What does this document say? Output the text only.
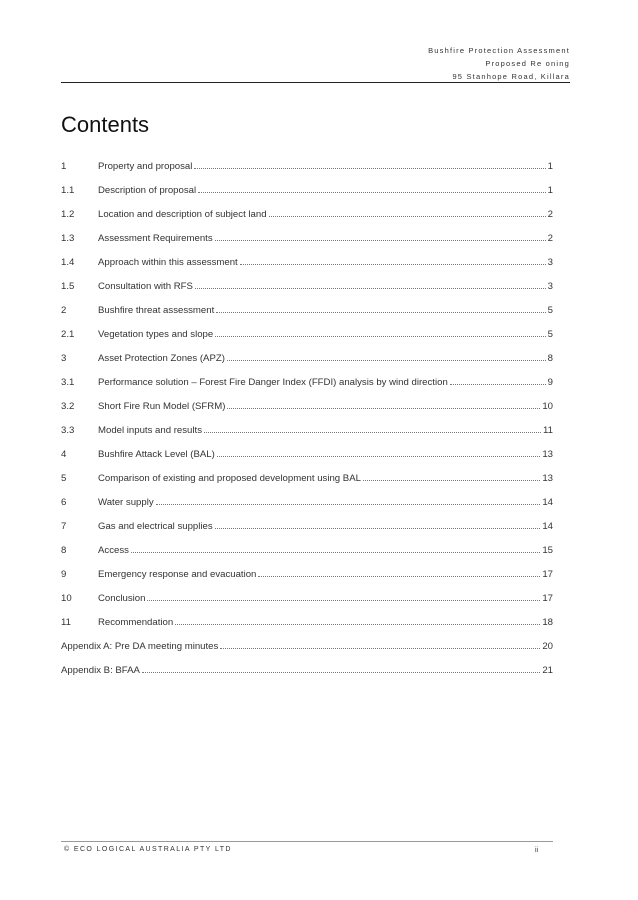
Bushfire Protection Assessment
Proposed Re oning
95 Stanhope Road, Killara
Contents
1	Property and proposal	1
1.1	Description of proposal	1
1.2	Location and description of subject land	2
1.3	Assessment Requirements	2
1.4	Approach within this assessment	3
1.5	Consultation with RFS	3
2	Bushfire threat assessment	5
2.1	Vegetation types and slope	5
3	Asset Protection Zones (APZ)	8
3.1	Performance solution – Forest Fire Danger Index (FFDI) analysis by wind direction	9
3.2	Short Fire Run Model (SFRM)	10
3.3	Model inputs and results	11
4	Bushfire Attack Level (BAL)	13
5	Comparison of existing and proposed development using BAL	13
6	Water supply	14
7	Gas and electrical supplies	14
8	Access	15
9	Emergency response and evacuation	17
10	Conclusion	17
11	Recommendation	18
Appendix A: Pre DA meeting minutes	20
Appendix B: BFAA	21
© ECO LOGICAL AUSTRALIA PTY LTD	ii
